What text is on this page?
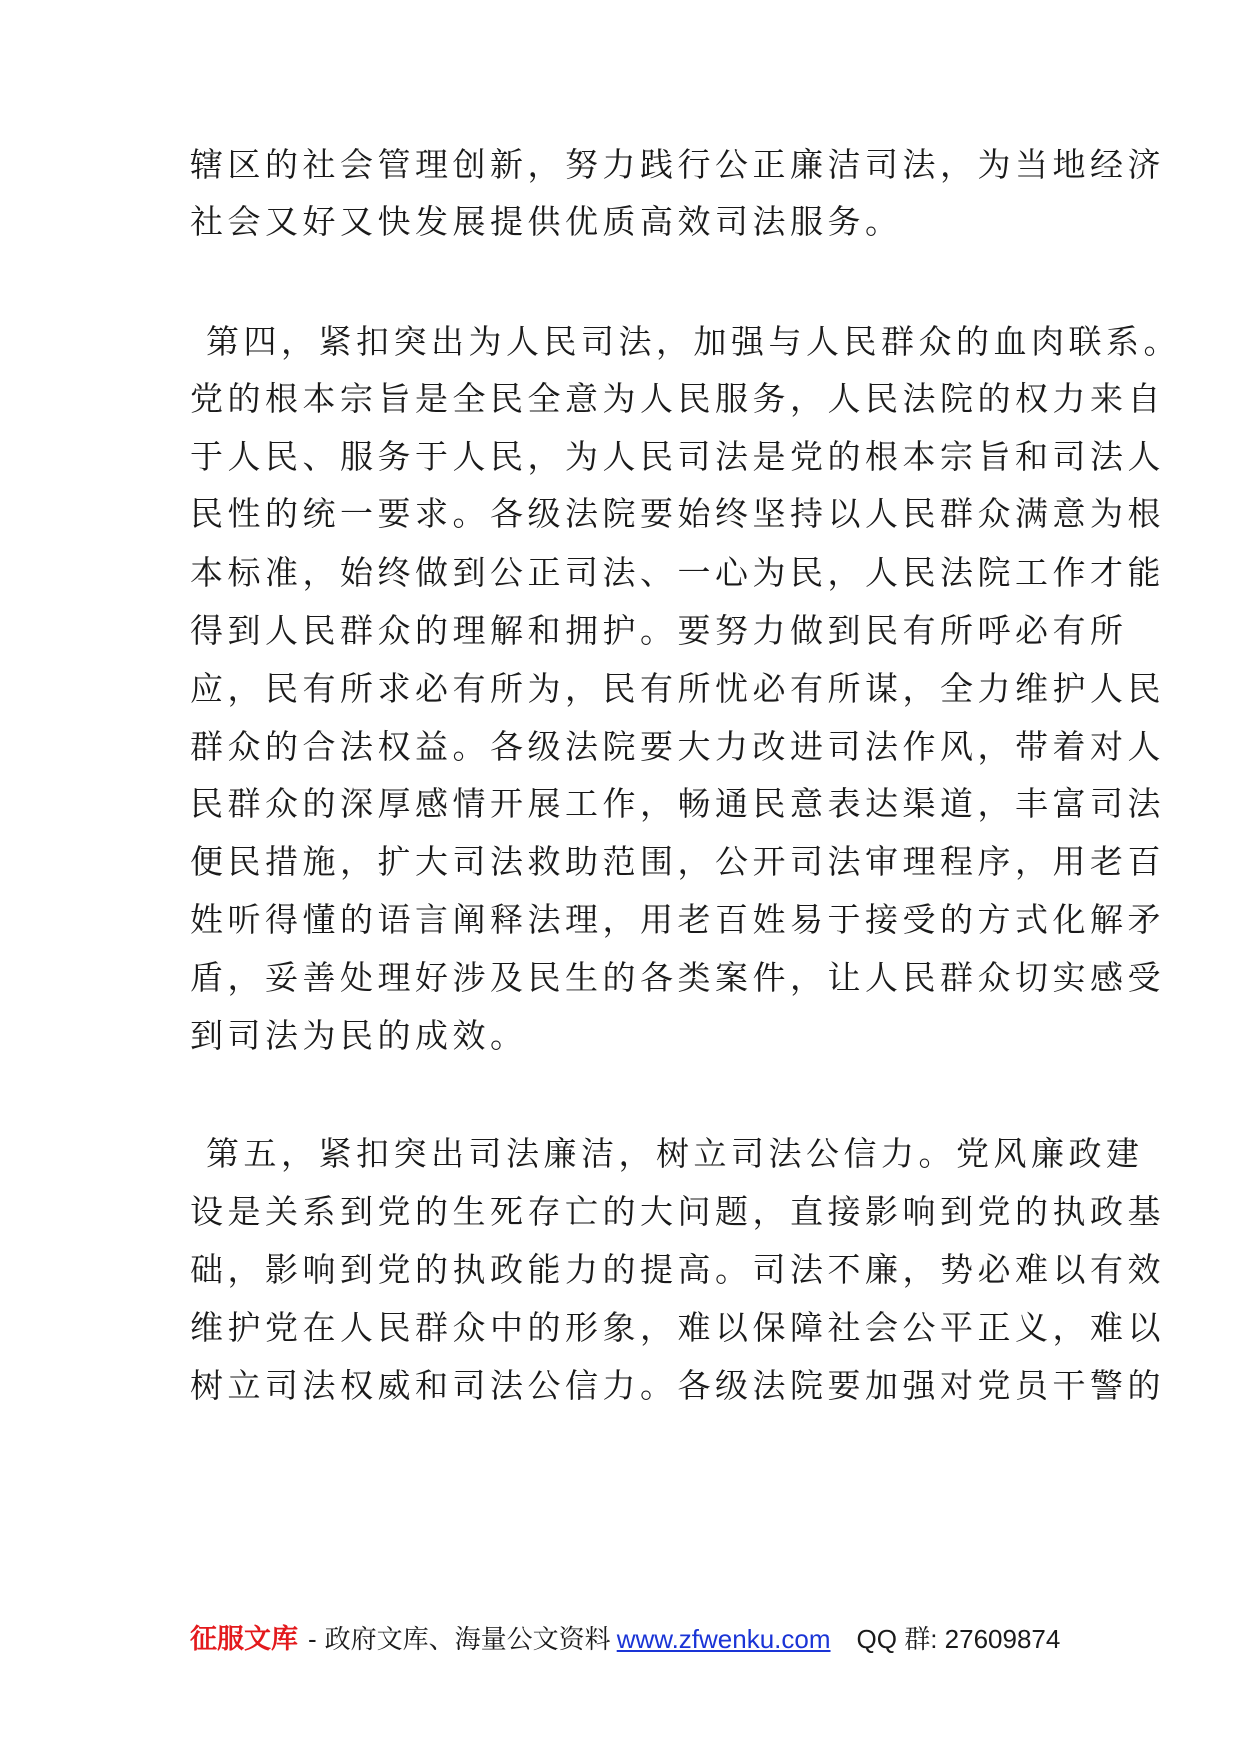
辖区的社会管理创新，努力践行公正廉洁司法，为当地经济
社会又好又快发展提供优质高效司法服务。
第四，紧扣突出为人民司法，加强与人民群众的血肉联系。
党的根本宗旨是全民全意为人民服务，人民法院的权力来自
于人民、服务于人民，为人民司法是党的根本宗旨和司法人
民性的统一要求。各级法院要始终坚持以人民群众满意为根
本标准，始终做到公正司法、一心为民，人民法院工作才能
得到人民群众的理解和拥护。要努力做到民有所呼必有所
应，民有所求必有所为，民有所忧必有所谋，全力维护人民
群众的合法权益。各级法院要大力改进司法作风，带着对人
民群众的深厚感情开展工作，畅通民意表达渠道，丰富司法
便民措施，扩大司法救助范围，公开司法审理程序，用老百
姓听得懂的语言阐释法理，用老百姓易于接受的方式化解矛
盾，妥善处理好涉及民生的各类案件，让人民群众切实感受
到司法为民的成效。
第五，紧扣突出司法廉洁，树立司法公信力。党风廉政建
设是关系到党的生死存亡的大问题，直接影响到党的执政基
础，影响到党的执政能力的提高。司法不廉，势必难以有效
维护党在人民群众中的形象，难以保障社会公平正义，难以
树立司法权威和司法公信力。各级法院要加强对党员干警的
征服文库 - 政府文库、海量公文资料 www.zfwenku.com QQ 群: 27609874
